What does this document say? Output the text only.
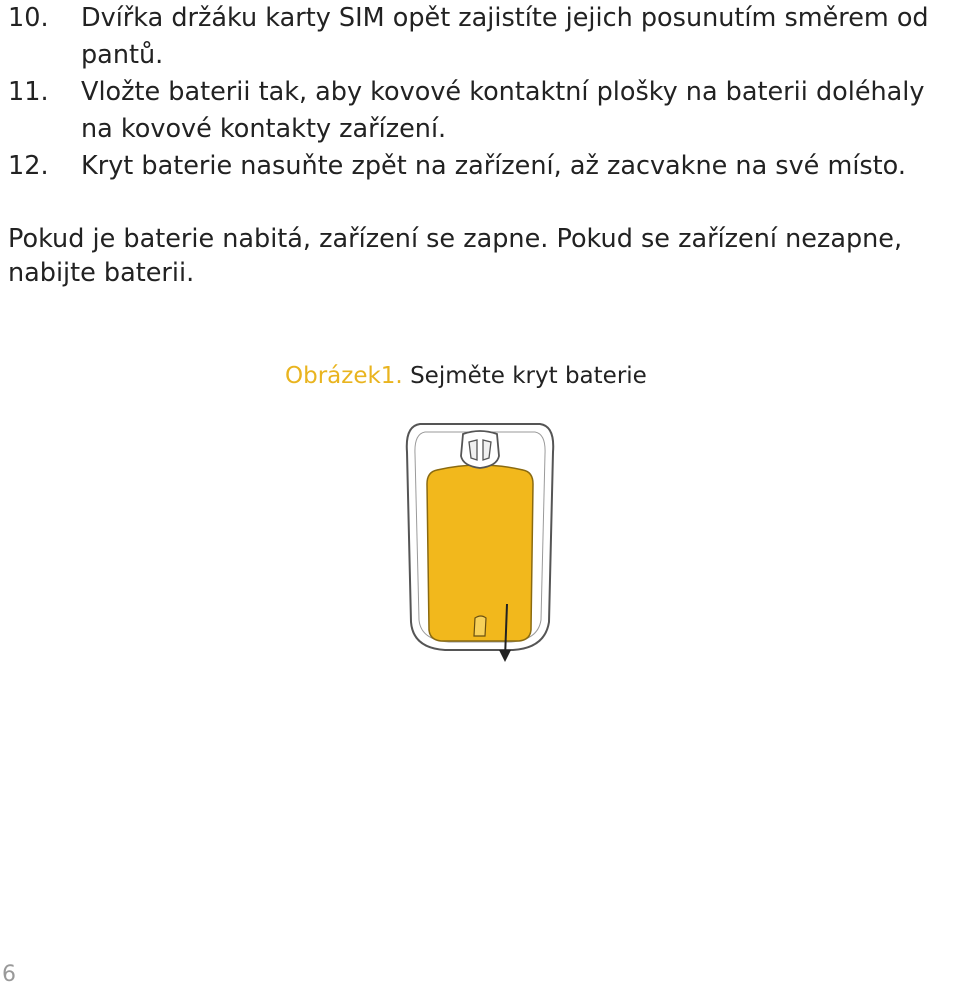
10.	Dvířka držáku karty SIM opět zajistíte jejich posunutím směrem od pantů.
11.	Vložte baterii tak, aby kovové kontaktní plošky na baterii doléhaly na kovové kontakty zařízení.
12.	Kryt baterie nasuňte zpět na zařízení, až zacvakne na své místo.
Pokud je baterie nabitá, zařízení se zapne. Pokud se zařízení nezapne, nabijte baterii.
Obrázek1. Sejměte kryt baterie
6
